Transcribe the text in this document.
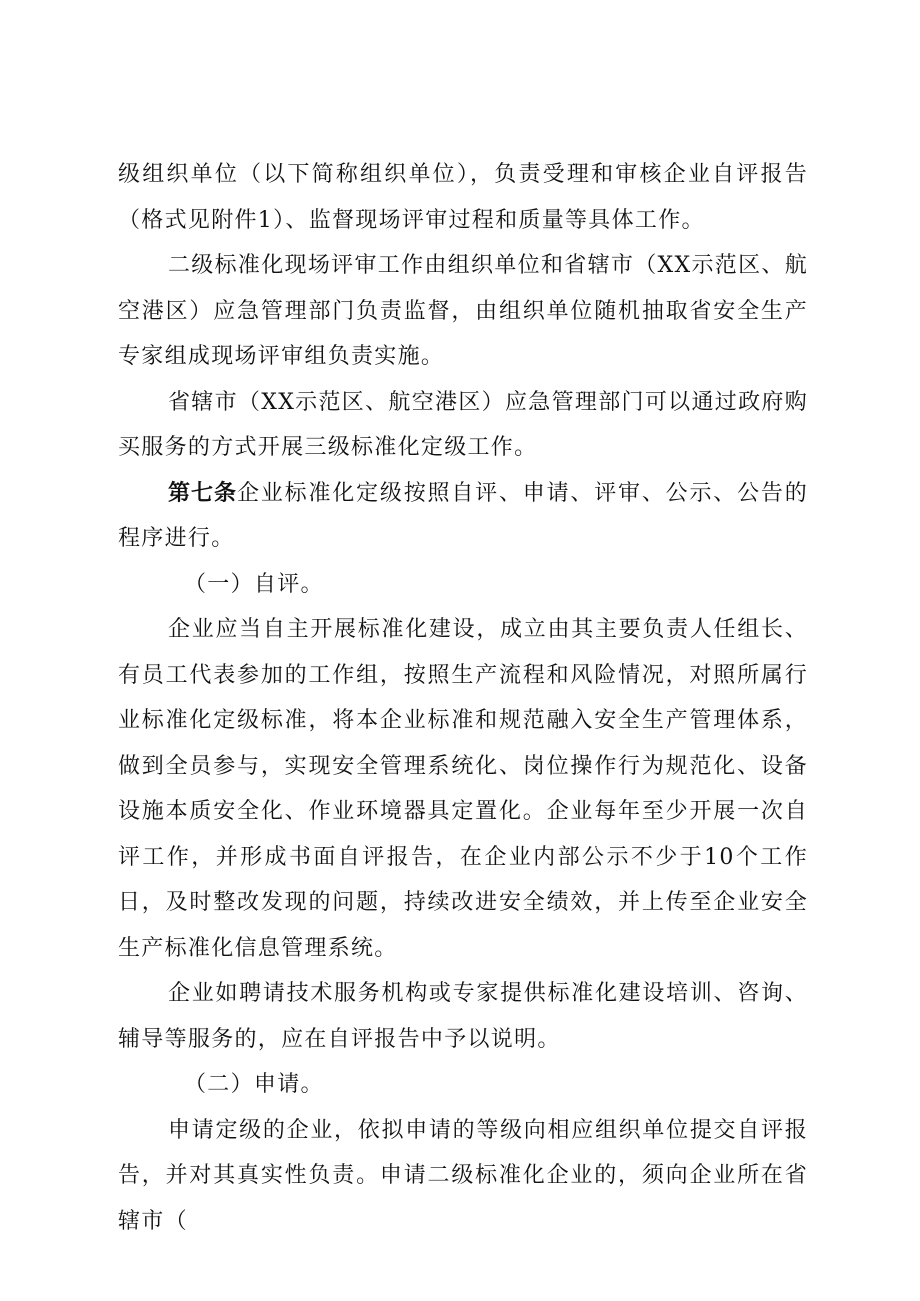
级组织单位（以下简称组织单位），负责受理和审核企业自评报告（格式见附件1）、监督现场评审过程和质量等具体工作。

二级标准化现场评审工作由组织单位和省辖市（XX示范区、航空港区）应急管理部门负责监督，由组织单位随机抽取省安全生产专家组成现场评审组负责实施。

省辖市（XX示范区、航空港区）应急管理部门可以通过政府购买服务的方式开展三级标准化定级工作。

第七条企业标准化定级按照自评、申请、评审、公示、公告的程序进行。

（一）自评。

企业应当自主开展标准化建设，成立由其主要负责人任组长、有员工代表参加的工作组，按照生产流程和风险情况，对照所属行业标准化定级标准，将本企业标准和规范融入安全生产管理体系，做到全员参与，实现安全管理系统化、岗位操作行为规范化、设备设施本质安全化、作业环境器具定置化。企业每年至少开展一次自评工作，并形成书面自评报告，在企业内部公示不少于10个工作日，及时整改发现的问题，持续改进安全绩效，并上传至企业安全生产标准化信息管理系统。

企业如聘请技术服务机构或专家提供标准化建设培训、咨询、辅导等服务的，应在自评报告中予以说明。

（二）申请。

申请定级的企业，依拟申请的等级向相应组织单位提交自评报告，并对其真实性负责。申请二级标准化企业的，须向企业所在省辖市（
